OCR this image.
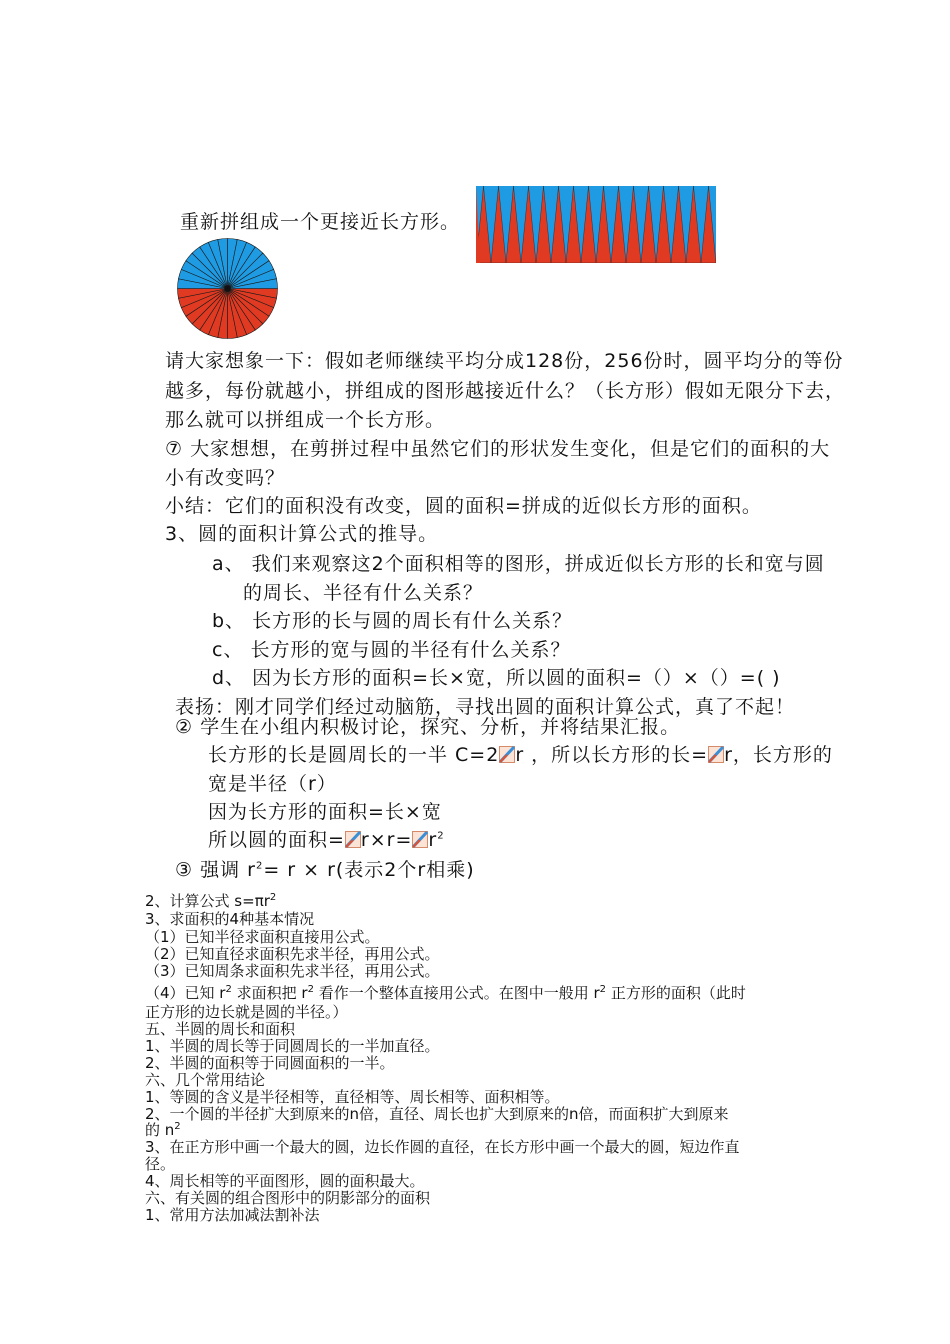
重新拼组成一个更接近长方形。
请大家想象一下：假如老师继续平均分成128份，256份时，圆平均分的等份
越多，每份就越小，拼组成的图形越接近什么？（长方形）假如无限分下去，
那么就可以拼组成一个长方形。
⑦ 大家想想，在剪拼过程中虽然它们的形状发生变化，但是它们的面积的大
小有改变吗？
小结：它们的面积没有改变，圆的面积=拼成的近似长方形的面积。
3、圆的面积计算公式的推导。
a、 我们来观察这2个面积相等的图形，拼成近似长方形的长和宽与圆
的周长、半径有什么关系？
b、 长方形的长与圆的周长有什么关系？
c、 长方形的宽与圆的半径有什么关系？
d、 因为长方形的面积=长×宽，所以圆的面积=（）×（）=( )
表扬：刚才同学们经过动脑筋，寻找出圆的面积计算公式，真了不起！
② 学生在小组内积极讨论，探究、分析，并将结果汇报。
长方形的长是圆周长的一半 C=2 r ，所以长方形的长= r，长方形的
宽是半径（r）
因为长方形的面积=长×宽
所以圆的面积= $r\times r= r^2$
③ 强调 $r^2= r \times r$(表示2个r相乘)
2、计算公式 $s=\pi r^2$
3、求面积的4种基本情况
（1）已知半径求面积直接用公式。
（2）已知直径求面积先求半径，再用公式。
（3）已知周条求面积先求半径，再用公式。
（4）已知 $r^2$ 求面积把 $r^2$ 看作一个整体直接用公式。在图中一般用 $r^2$ 正方形的面积（此时
正方形的边长就是圆的半径。）
五、半圆的周长和面积
1、半圆的周长等于同圆周长的一半加直径。
2、半圆的面积等于同圆面积的一半。
六、几个常用结论
1、等圆的含义是半径相等，直径相等、周长相等、面积相等。
2、一个圆的半径扩大到原来的n倍，直径、周长也扩大到原来的n倍，而面积扩大到原来
的 $n^2$
3、在正方形中画一个最大的圆，边长作圆的直径，在长方形中画一个最大的圆，短边作直
径。
4、周长相等的平面图形，圆的面积最大。
六、有关圆的组合图形中的阴影部分的面积
1、常用方法加减法割补法
